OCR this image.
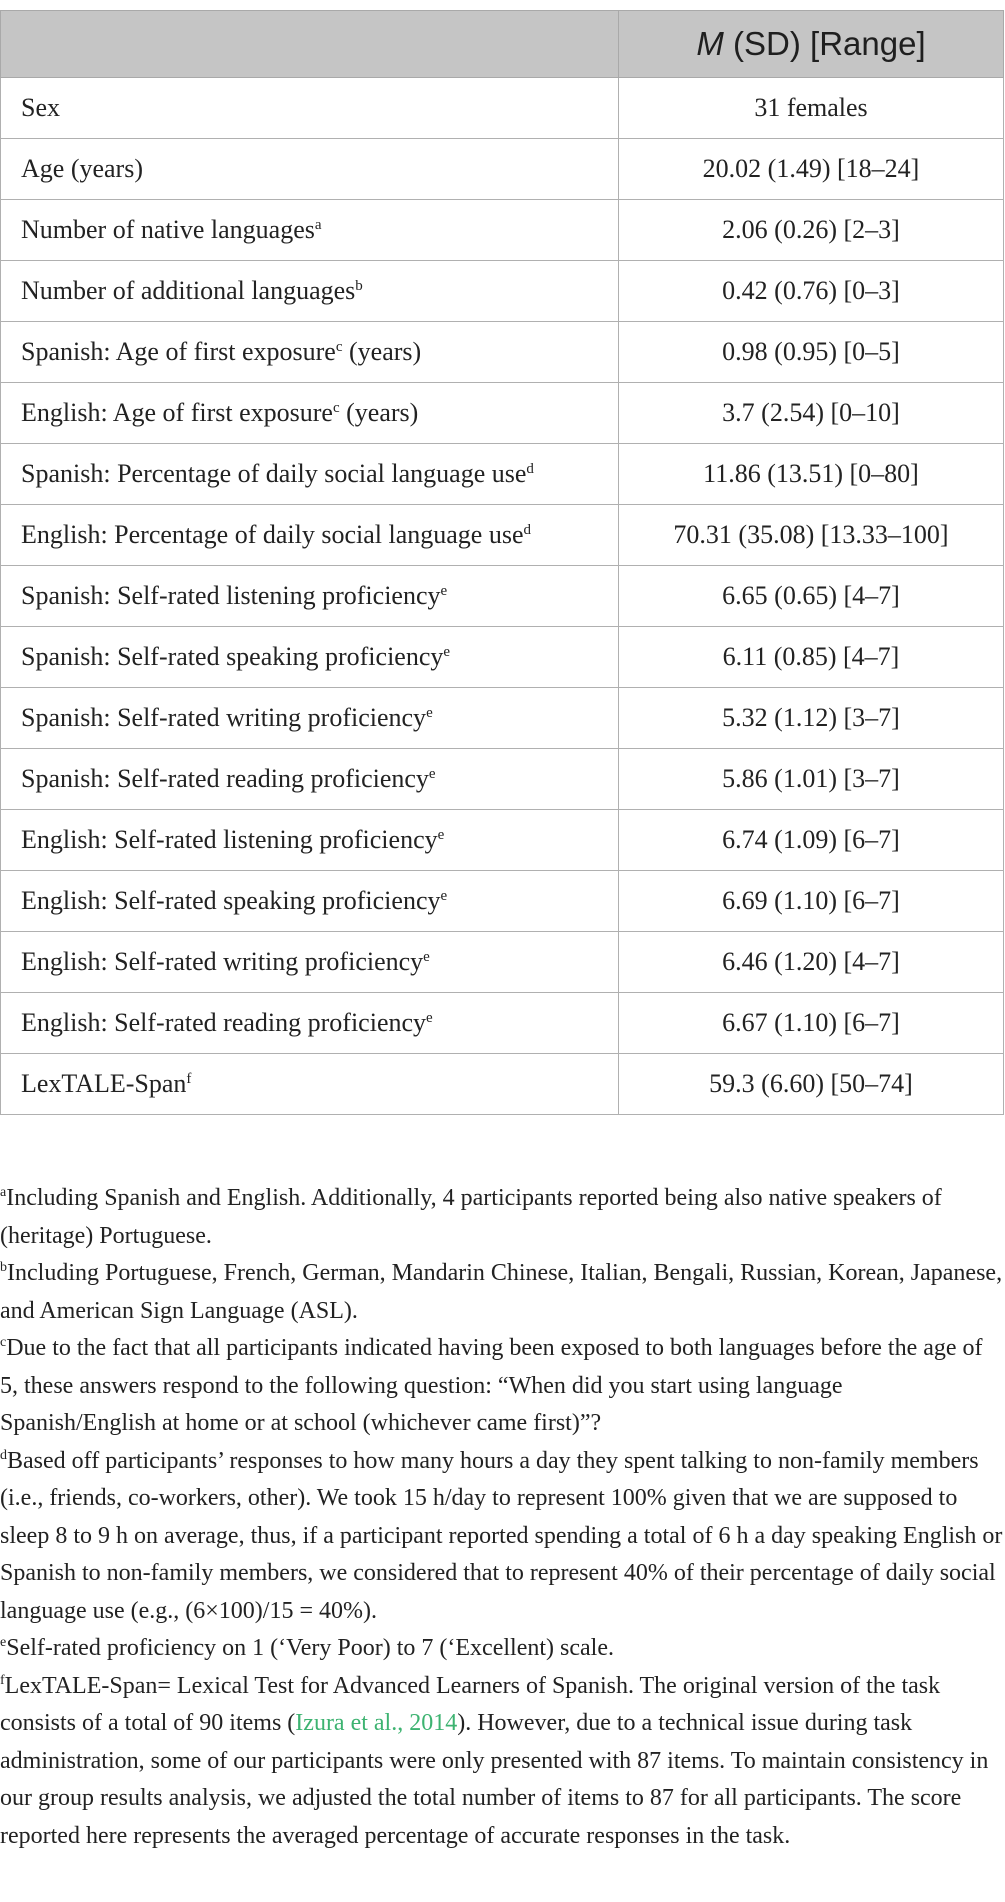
	M (SD) [Range]
Sex	31 females
Age (years)	20.02 (1.49) [18–24]
Number of native languages$^a$	2.06 (0.26) [2–3]
Number of additional languages$^b$	0.42 (0.76) [0–3]
Spanish: Age of first exposure$^c$ (years)	0.98 (0.95) [0–5]
English: Age of first exposure$^c$ (years)	3.7 (2.54) [0–10]
Spanish: Percentage of daily social language use$^d$	11.86 (13.51) [0–80]
English: Percentage of daily social language use$^d$	70.31 (35.08) [13.33–100]
Spanish: Self-rated listening proficiency$^e$	6.65 (0.65) [4–7]
Spanish: Self-rated speaking proficiency$^e$	6.11 (0.85) [4–7]
Spanish: Self-rated writing proficiency$^e$	5.32 (1.12) [3–7]
Spanish: Self-rated reading proficiency$^e$	5.86 (1.01) [3–7]
English: Self-rated listening proficiency$^e$	6.74 (1.09) [6–7]
English: Self-rated speaking proficiency$^e$	6.69 (1.10) [6–7]
English: Self-rated writing proficiency$^e$	6.46 (1.20) [4–7]
English: Self-rated reading proficiency$^e$	6.67 (1.10) [6–7]
LexTALE-Span$^f$	59.3 (6.60) [50–74]

$^a$Including Spanish and English. Additionally, 4 participants reported being also native speakers of (heritage) Portuguese.

$^b$Including Portuguese, French, German, Mandarin Chinese, Italian, Bengali, Russian, Korean, Japanese, and American Sign Language (ASL).

$^c$Due to the fact that all participants indicated having been exposed to both languages before the age of 5, these answers respond to the following question: “When did you start using language Spanish/English at home or at school (whichever came first)”?

$^d$Based off participants’ responses to how many hours a day they spent talking to non-family members (i.e., friends, co-workers, other). We took 15 h/day to represent 100% given that we are supposed to sleep 8 to 9 h on average, thus, if a participant reported spending a total of 6 h a day speaking English or Spanish to non-family members, we considered that to represent 40% of their percentage of daily social language use (e.g., (6×100)/15 = 40%).

$^e$Self-rated proficiency on 1 (‘Very Poor) to 7 (‘Excellent) scale.

$^f$LexTALE-Span= Lexical Test for Advanced Learners of Spanish. The original version of the task consists of a total of 90 items (Izura et al., 2014). However, due to a technical issue during task administration, some of our participants were only presented with 87 items. To maintain consistency in our group results analysis, we adjusted the total number of items to 87 for all participants. The score reported here represents the averaged percentage of accurate responses in the task.
